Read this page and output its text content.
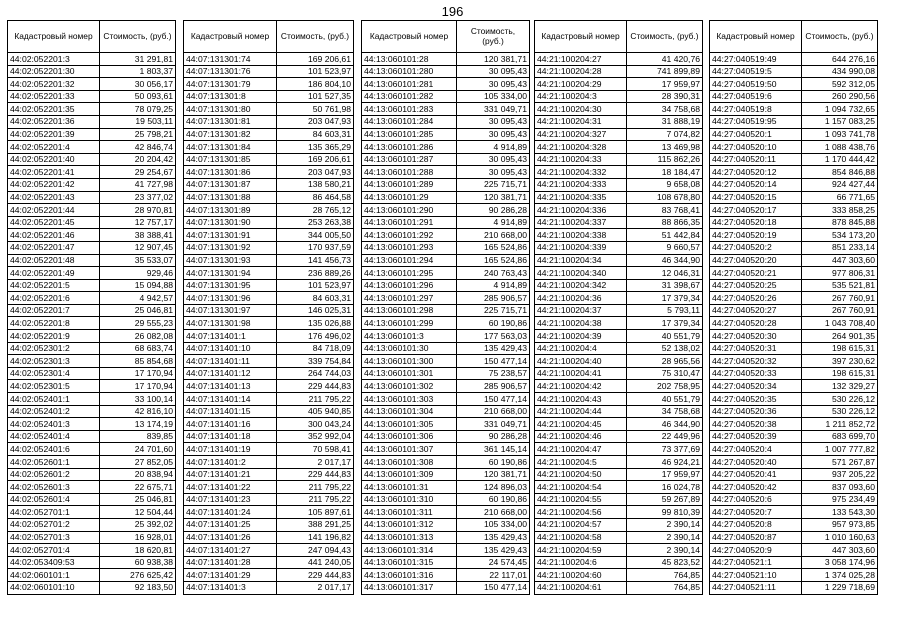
196
Кадастровый номер	Стоимость, (руб.)
44:02:052201:3	31 291,81
44:02:052201:30	1 803,37
44:02:052201:32	30 056,17
44:02:052201:33	50 093,61
44:02:052201:35	78 079,25
44:02:052201:36	19 503,11
44:02:052201:39	25 798,21
44:02:052201:4	42 846,74
44:02:052201:40	20 204,42
44:02:052201:41	29 254,67
44:02:052201:42	41 727,98
44:02:052201:43	23 377,02
44:02:052201:44	28 970,81
44:02:052201:45	12 757,17
44:02:052201:46	38 388,41
44:02:052201:47	12 907,45
44:02:052201:48	35 533,07
44:02:052201:49	929,46
44:02:052201:5	15 094,88
44:02:052201:6	4 942,57
44:02:052201:7	25 046,81
44:02:052201:8	29 555,23
44:02:052201:9	26 082,08
44:02:052301:2	68 683,74
44:02:052301:3	85 854,68
44:02:052301:4	17 170,94
44:02:052301:5	17 170,94
44:02:052401:1	33 100,14
44:02:052401:2	42 816,10
44:02:052401:3	13 174,19
44:02:052401:4	839,85
44:02:052401:6	24 701,60
44:02:052601:1	27 852,05
44:02:052601:2	20 838,94
44:02:052601:3	22 675,71
44:02:052601:4	25 046,81
44:02:052701:1	12 504,44
44:02:052701:2	25 392,02
44:02:052701:3	16 928,01
44:02:052701:4	18 620,81
44:02:053409:53	60 938,38
44:02:060101:1	276 625,42
44:02:060101:10	92 183,50
Кадастровый номер	Стоимость, (руб.)
44:07:131301:74	169 206,61
44:07:131301:76	101 523,97
44:07:131301:79	186 804,10
44:07:131301:8	101 527,35
44:07:131301:80	50 761,98
44:07:131301:81	203 047,93
44:07:131301:82	84 603,31
44:07:131301:84	135 365,29
44:07:131301:85	169 206,61
44:07:131301:86	203 047,93
44:07:131301:87	138 580,21
44:07:131301:88	86 464,58
44:07:131301:89	28 765,12
44:07:131301:90	253 263,38
44:07:131301:91	344 005,50
44:07:131301:92	170 937,59
44:07:131301:93	141 456,73
44:07:131301:94	236 889,26
44:07:131301:95	101 523,97
44:07:131301:96	84 603,31
44:07:131301:97	146 025,31
44:07:131301:98	135 026,88
44:07:131401:1	176 496,02
44:07:131401:10	84 718,09
44:07:131401:11	339 754,84
44:07:131401:12	264 744,03
44:07:131401:13	229 444,83
44:07:131401:14	211 795,22
44:07:131401:15	405 940,85
44:07:131401:16	300 043,24
44:07:131401:18	352 992,04
44:07:131401:19	70 598,41
44:07:131401:2	2 017,17
44:07:131401:21	229 444,83
44:07:131401:22	211 795,22
44:07:131401:23	211 795,22
44:07:131401:24	105 897,61
44:07:131401:25	388 291,25
44:07:131401:26	141 196,82
44:07:131401:27	247 094,43
44:07:131401:28	441 240,05
44:07:131401:29	229 444,83
44:07:131401:3	2 017,17
Кадастровый номер	Стоимость, (руб.)
44:13:060101:28	120 381,71
44:13:060101:280	30 095,43
44:13:060101:281	30 095,43
44:13:060101:282	105 334,00
44:13:060101:283	331 049,71
44:13:060101:284	30 095,43
44:13:060101:285	30 095,43
44:13:060101:286	4 914,89
44:13:060101:287	30 095,43
44:13:060101:288	30 095,43
44:13:060101:289	225 715,71
44:13:060101:29	120 381,71
44:13:060101:290	90 286,28
44:13:060101:291	4 914,89
44:13:060101:292	210 668,00
44:13:060101:293	165 524,86
44:13:060101:294	165 524,86
44:13:060101:295	240 763,43
44:13:060101:296	4 914,89
44:13:060101:297	285 906,57
44:13:060101:298	225 715,71
44:13:060101:299	60 190,86
44:13:060101:3	177 563,03
44:13:060101:30	135 429,43
44:13:060101:300	150 477,14
44:13:060101:301	75 238,57
44:13:060101:302	285 906,57
44:13:060101:303	150 477,14
44:13:060101:304	210 668,00
44:13:060101:305	331 049,71
44:13:060101:306	90 286,28
44:13:060101:307	361 145,14
44:13:060101:308	60 190,86
44:13:060101:309	120 381,71
44:13:060101:31	124 896,03
44:13:060101:310	60 190,86
44:13:060101:311	210 668,00
44:13:060101:312	105 334,00
44:13:060101:313	135 429,43
44:13:060101:314	135 429,43
44:13:060101:315	24 574,45
44:13:060101:316	22 117,01
44:13:060101:317	150 477,14
Кадастровый номер	Стоимость, (руб.)
44:21:100204:27	41 420,76
44:21:100204:28	741 899,89
44:21:100204:29	17 959,97
44:21:100204:3	28 390,31
44:21:100204:30	34 758,68
44:21:100204:31	31 888,19
44:21:100204:327	7 074,82
44:21:100204:328	13 469,98
44:21:100204:33	115 862,26
44:21:100204:332	18 184,47
44:21:100204:333	9 658,08
44:21:100204:335	108 678,80
44:21:100204:336	83 768,41
44:21:100204:337	88 866,35
44:21:100204:338	51 442,84
44:21:100204:339	9 660,57
44:21:100204:34	46 344,90
44:21:100204:340	12 046,31
44:21:100204:342	31 398,67
44:21:100204:36	17 379,34
44:21:100204:37	5 793,11
44:21:100204:38	17 379,34
44:21:100204:39	40 551,79
44:21:100204:4	52 138,02
44:21:100204:40	28 965,56
44:21:100204:41	75 310,47
44:21:100204:42	202 758,95
44:21:100204:43	40 551,79
44:21:100204:44	34 758,68
44:21:100204:45	46 344,90
44:21:100204:46	22 449,96
44:21:100204:47	73 377,69
44:21:100204:5	46 924,21
44:21:100204:50	17 959,97
44:21:100204:54	16 024,78
44:21:100204:55	59 267,89
44:21:100204:56	99 810,39
44:21:100204:57	2 390,14
44:21:100204:58	2 390,14
44:21:100204:59	2 390,14
44:21:100204:6	45 823,52
44:21:100204:60	764,85
44:21:100204:61	764,85
Кадастровый номер	Стоимость, (руб.)
44:27:040519:49	644 276,16
44:27:040519:5	434 990,08
44:27:040519:50	592 312,05
44:27:040519:6	260 290,56
44:27:040519:8	1 094 732,65
44:27:040519:95	1 157 083,25
44:27:040520:1	1 093 741,78
44:27:040520:10	1 088 438,76
44:27:040520:11	1 170 444,42
44:27:040520:12	854 846,88
44:27:040520:14	924 427,44
44:27:040520:15	66 771,65
44:27:040520:17	333 858,25
44:27:040520:18	878 845,88
44:27:040520:19	534 173,20
44:27:040520:2	851 233,14
44:27:040520:20	447 303,60
44:27:040520:21	977 806,31
44:27:040520:25	535 521,81
44:27:040520:26	267 760,91
44:27:040520:27	267 760,91
44:27:040520:28	1 043 708,40
44:27:040520:30	264 901,35
44:27:040520:31	198 615,31
44:27:040520:32	397 230,62
44:27:040520:33	198 615,31
44:27:040520:34	132 329,27
44:27:040520:35	530 226,12
44:27:040520:36	530 226,12
44:27:040520:38	1 211 852,72
44:27:040520:39	683 699,70
44:27:040520:4	1 007 777,82
44:27:040520:40	571 267,87
44:27:040520:41	937 205,22
44:27:040520:42	837 093,60
44:27:040520:6	975 234,49
44:27:040520:7	133 543,30
44:27:040520:8	957 973,85
44:27:040520:87	1 010 160,63
44:27:040520:9	447 303,60
44:27:040521:1	3 058 174,96
44:27:040521:10	1 374 025,28
44:27:040521:11	1 229 718,69
